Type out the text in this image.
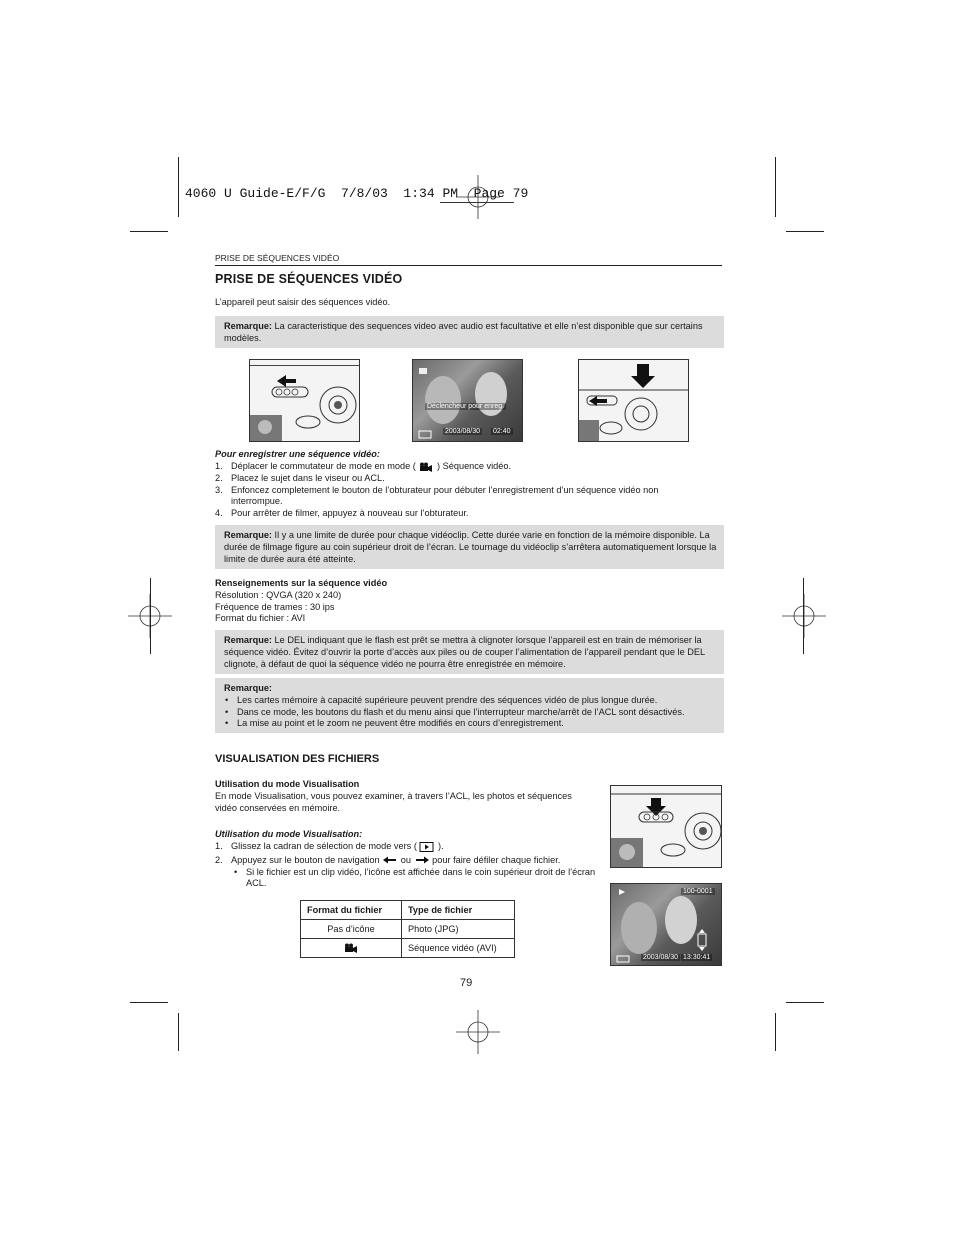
4060 U Guide-E/F/G  7/8/03  1:34 PM  Page 79
PRISE DE SÉQUENCES VIDÉO
PRISE DE SÉQUENCES VIDÉO
L’appareil peut saisir des séquences vidéo.
Remarque: La caracteristique des sequences video avec audio est facultative et elle n’est disponible que sur certains modèles.
Déclencheur pour enreg.
2003/08/30 02:40
Pour enregistrer une séquence vidéo:
1. Déplacer le commutateur de mode en mode ( ) Séquence vidéo.
2. Placez le sujet dans le viseur ou ACL.
3. Enfoncez completement le bouton de l’obturateur pour débuter l’enregistrement d’un séquence vidéo non interrompue.
4. Pour arrêter de filmer, appuyez à nouveau sur l’obturateur.
Remarque: Il y a une limite de durée pour chaque vidéoclip. Cette durée varie en fonction de la mémoire disponible. La durée de filmage figure au coin supérieur droit de l’écran. Le tournage du vidéoclip s’arrêtera automatiquement lorsque la limite de durée aura été atteinte.
Renseignements sur la séquence vidéo
Résolution : QVGA (320 x 240)
Fréquence de trames : 30 ips
Format du fichier : AVI
Remarque: Le DEL indiquant que le flash est prêt se mettra à clignoter lorsque l’appareil est en train de mémoriser la séquence vidéo. Évitez d’ouvrir la porte d’accès aux piles ou de couper l’alimentation de l’appareil pendant que le DEL clignote, à défaut de quoi la séquence vidéo ne pourra être enregistrée en mémoire.
Remarque:
• Les cartes mémoire à capacité supérieure peuvent prendre des séquences vidéo de plus longue durée.
• Dans ce mode, les boutons du flash et du menu ainsi que l’interrupteur marche/arrêt de l’ACL sont désactivés.
• La mise au point et le zoom ne peuvent être modifiés en cours d’enregistrement.
VISUALISATION DES FICHIERS
Utilisation du mode Visualisation
En mode Visualisation, vous pouvez examiner, à travers l’ACL, les photos et séquences vidéo conservées en mémoire.
Utilisation du mode Visualisation:
1. Glissez la cadran de sélection de mode vers ( ).
2. Appuyez sur le bouton de navigation ou pour faire défiler chaque fichier.
• Si le fichier est un clip vidéo, l’icône est affichée dans le coin supérieur droit de l’écran ACL.
100-0001
2003/08/30 13:30:41
Format du fichier	Type de fichier
Pas d’icône	Photo (JPG)
	Séquence vidéo (AVI)
79
